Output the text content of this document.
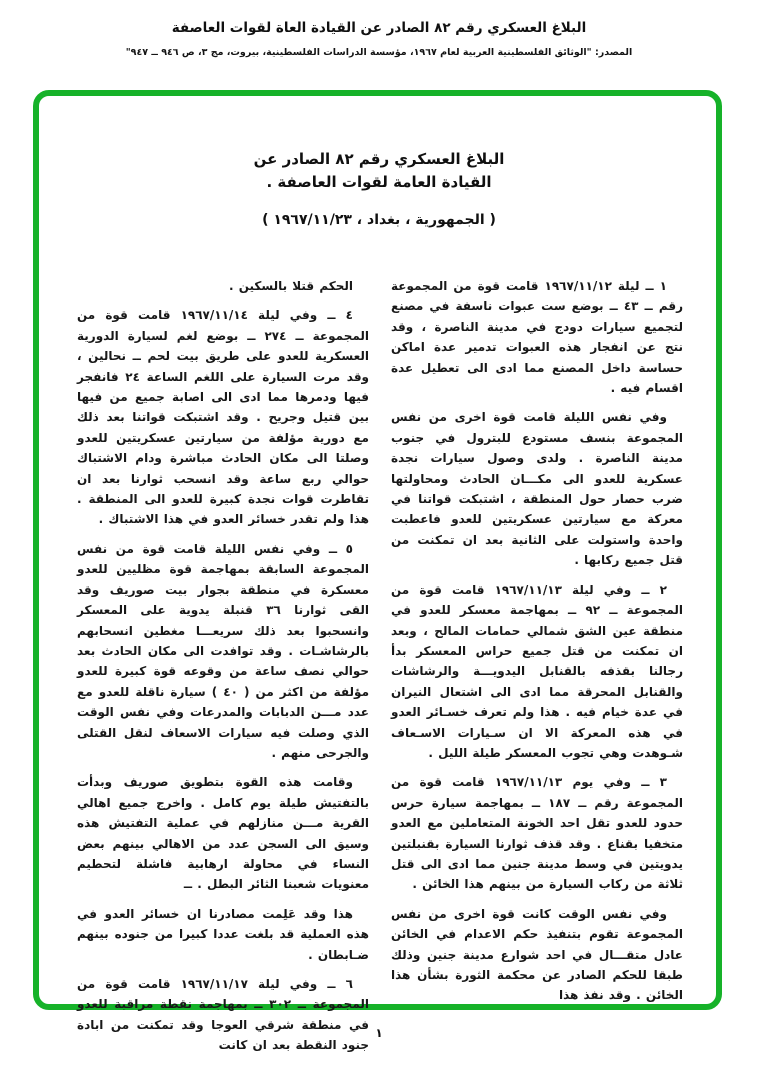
البلاغ العسكري رقم ٨٢ الصادر عن القيادة العاة لقوات العاصفة
المصدر: "الوثائق الفلسطينية العربية لعام ١٩٦٧، مؤسسة الدراسات الفلسطينية، بيروت، مج ٣، ص ٩٤٦ ــ ٩٤٧"
البلاغ العسكري رقم ٨٢ الصادر عن
القيادة العامة لقوات العاصفة .
( الجمهورية ، بغداد ، ١٩٦٧/١١/٢٣ )

١ ــ ليلة ١٩٦٧/١١/١٢ قامت قوة من المجموعة رقم ــ ٤٣ ــ بوضع ست عبوات ناسفة في مصنع لتجميع سيارات دودج في مدينة الناصرة ، وقد نتج عن انفجار هذه العبوات تدمير عدة اماكن حساسة داخل المصنع مما ادى الى تعطيل عدة اقسام فيه .

وفي نفس الليلة قامت قوة اخرى من نفس المجموعة بنسف مستودع للبترول في جنوب مدينة الناصرة . ولدى وصول سيارات نجدة عسكرية للعدو الى مكـــان الحادث ومحاولتها ضرب حصار حول المنطقة ، اشتبكت قواتنا في معركة مع سيارتين عسكريتين للعدو فاعطبت واحدة واستولت على الثانية بعد ان تمكنت من قتل جميع ركابها .

٢ ــ وفي ليلة ١٩٦٧/١١/١٣ قامت قوة من المجموعة ــ ٩٢ ــ بمهاجمة معسكر للعدو في منطقة عين الشق شمالي حمامات المالح ، وبعد ان تمكنت من قتل جميع حراس المعسكر بدأ رجالنا بقذفه بالقنابل اليدويـــة والرشاشات والقنابل المحرقة مما ادى الى اشتعال النيران في عدة خيام فيه . هذا ولم تعرف خسـائر العدو في هذه المعركة الا ان سـيارات الاسـعاف شـوهدت وهي تجوب المعسكر طيلة الليل .

٣ ــ وفي يوم ١٩٦٧/١١/١٣ قامت قوة من المجموعة رقم ــ ١٨٧ ــ بمهاجمة سيارة حرس حدود للعدو تقل احد الخونة المتعاملين مع العدو متخفيا بقناع . وقد قذف ثوارنا السيارة بقنبلتين يدويتين في وسط مدينة جنين مما ادى الى قتل ثلاثة من ركاب السيارة من بينهم هذا الخائن .

وفي نفس الوقت كانت قوة اخرى من نفس المجموعة تقوم بتنفيذ حكم الاعدام في الخائن عادل متقـــال في احد شوارع مدينة جنين وذلك طبقا للحكم الصادر عن محكمة الثورة بشأن هذا الخائن . وقد نفذ هذا

الحكم قتلا بالسكين .

٤ ــ وفي ليلة ١٩٦٧/١١/١٤ قامت قوة من المجموعة ــ ٢٧٤ ــ بوضع لغم لسيارة الدورية العسكرية للعدو على طريق بيت لحم ــ نحالين ، وقد مرت السيارة على اللغم الساعة ٢٤ فانفجر فيها ودمرها مما ادى الى اصابة جميع من فيها بين قتيل وجريح . وقد اشتبكت قواتنا بعد ذلك مع دورية مؤلفة من سيارتين عسكريتين للعدو وصلتا الى مكان الحادث مباشرة ودام الاشتباك حوالي ربع ساعة وقد انسحب ثوارنا بعد ان تقاطرت قوات نجدة كبيرة للعدو الى المنطقة . هذا ولم تقدر خسائر العدو في هذا الاشتباك .

٥ ــ وفي نفس الليلة قامت قوة من نفس المجموعة السابقة بمهاجمة قوة مظليين للعدو معسكرة في منطقة بجوار بيت صوريف وقد القى ثوارنا ٣٦ قنبلة يدوية على المعسكر وانسحبوا بعد ذلك سريعـــا مغطين انسحابهم بالرشاشـات . وقد توافدت الى مكان الحادث بعد حوالي نصف ساعة من وقوعه قوة كبيرة للعدو مؤلفة من اكثر من ( ٤٠ ) سيارة ناقلة للعدو مع عدد مـــن الدبابات والمدرعات وفي نفس الوقت الذي وصلت فيه سيارات الاسعاف لنقل القتلى والجرحى منهم .

وقامت هذه القوة بتطويق صوريف وبدأت بالتفتيش طيلة يوم كامل . واخرج جميع اهالي القرية مـــن منازلهم في عملية التفتيش هذه وسيق الى السجن عدد من الاهالي بينهم بعض النساء في محاولة ارهابية فاشلة لتحطيم معنويات شعبنا الثائر البطل . ــ

هذا وقد عَلِمت مصادرنا ان خسائر العدو في هذه العملية قد بلغت عددا كبيرا من جنوده بينهم ضـابطان .

٦ ــ وفي ليلة ١٩٦٧/١١/١٧ قامت قوة من المجموعة ــ ٣٠٢ ــ بمهاجمة نقطة مراقبة للعدو في منطقة شرقي العوجا وقد تمكنت من ابادة جنود النقطة بعد ان كانت

١
